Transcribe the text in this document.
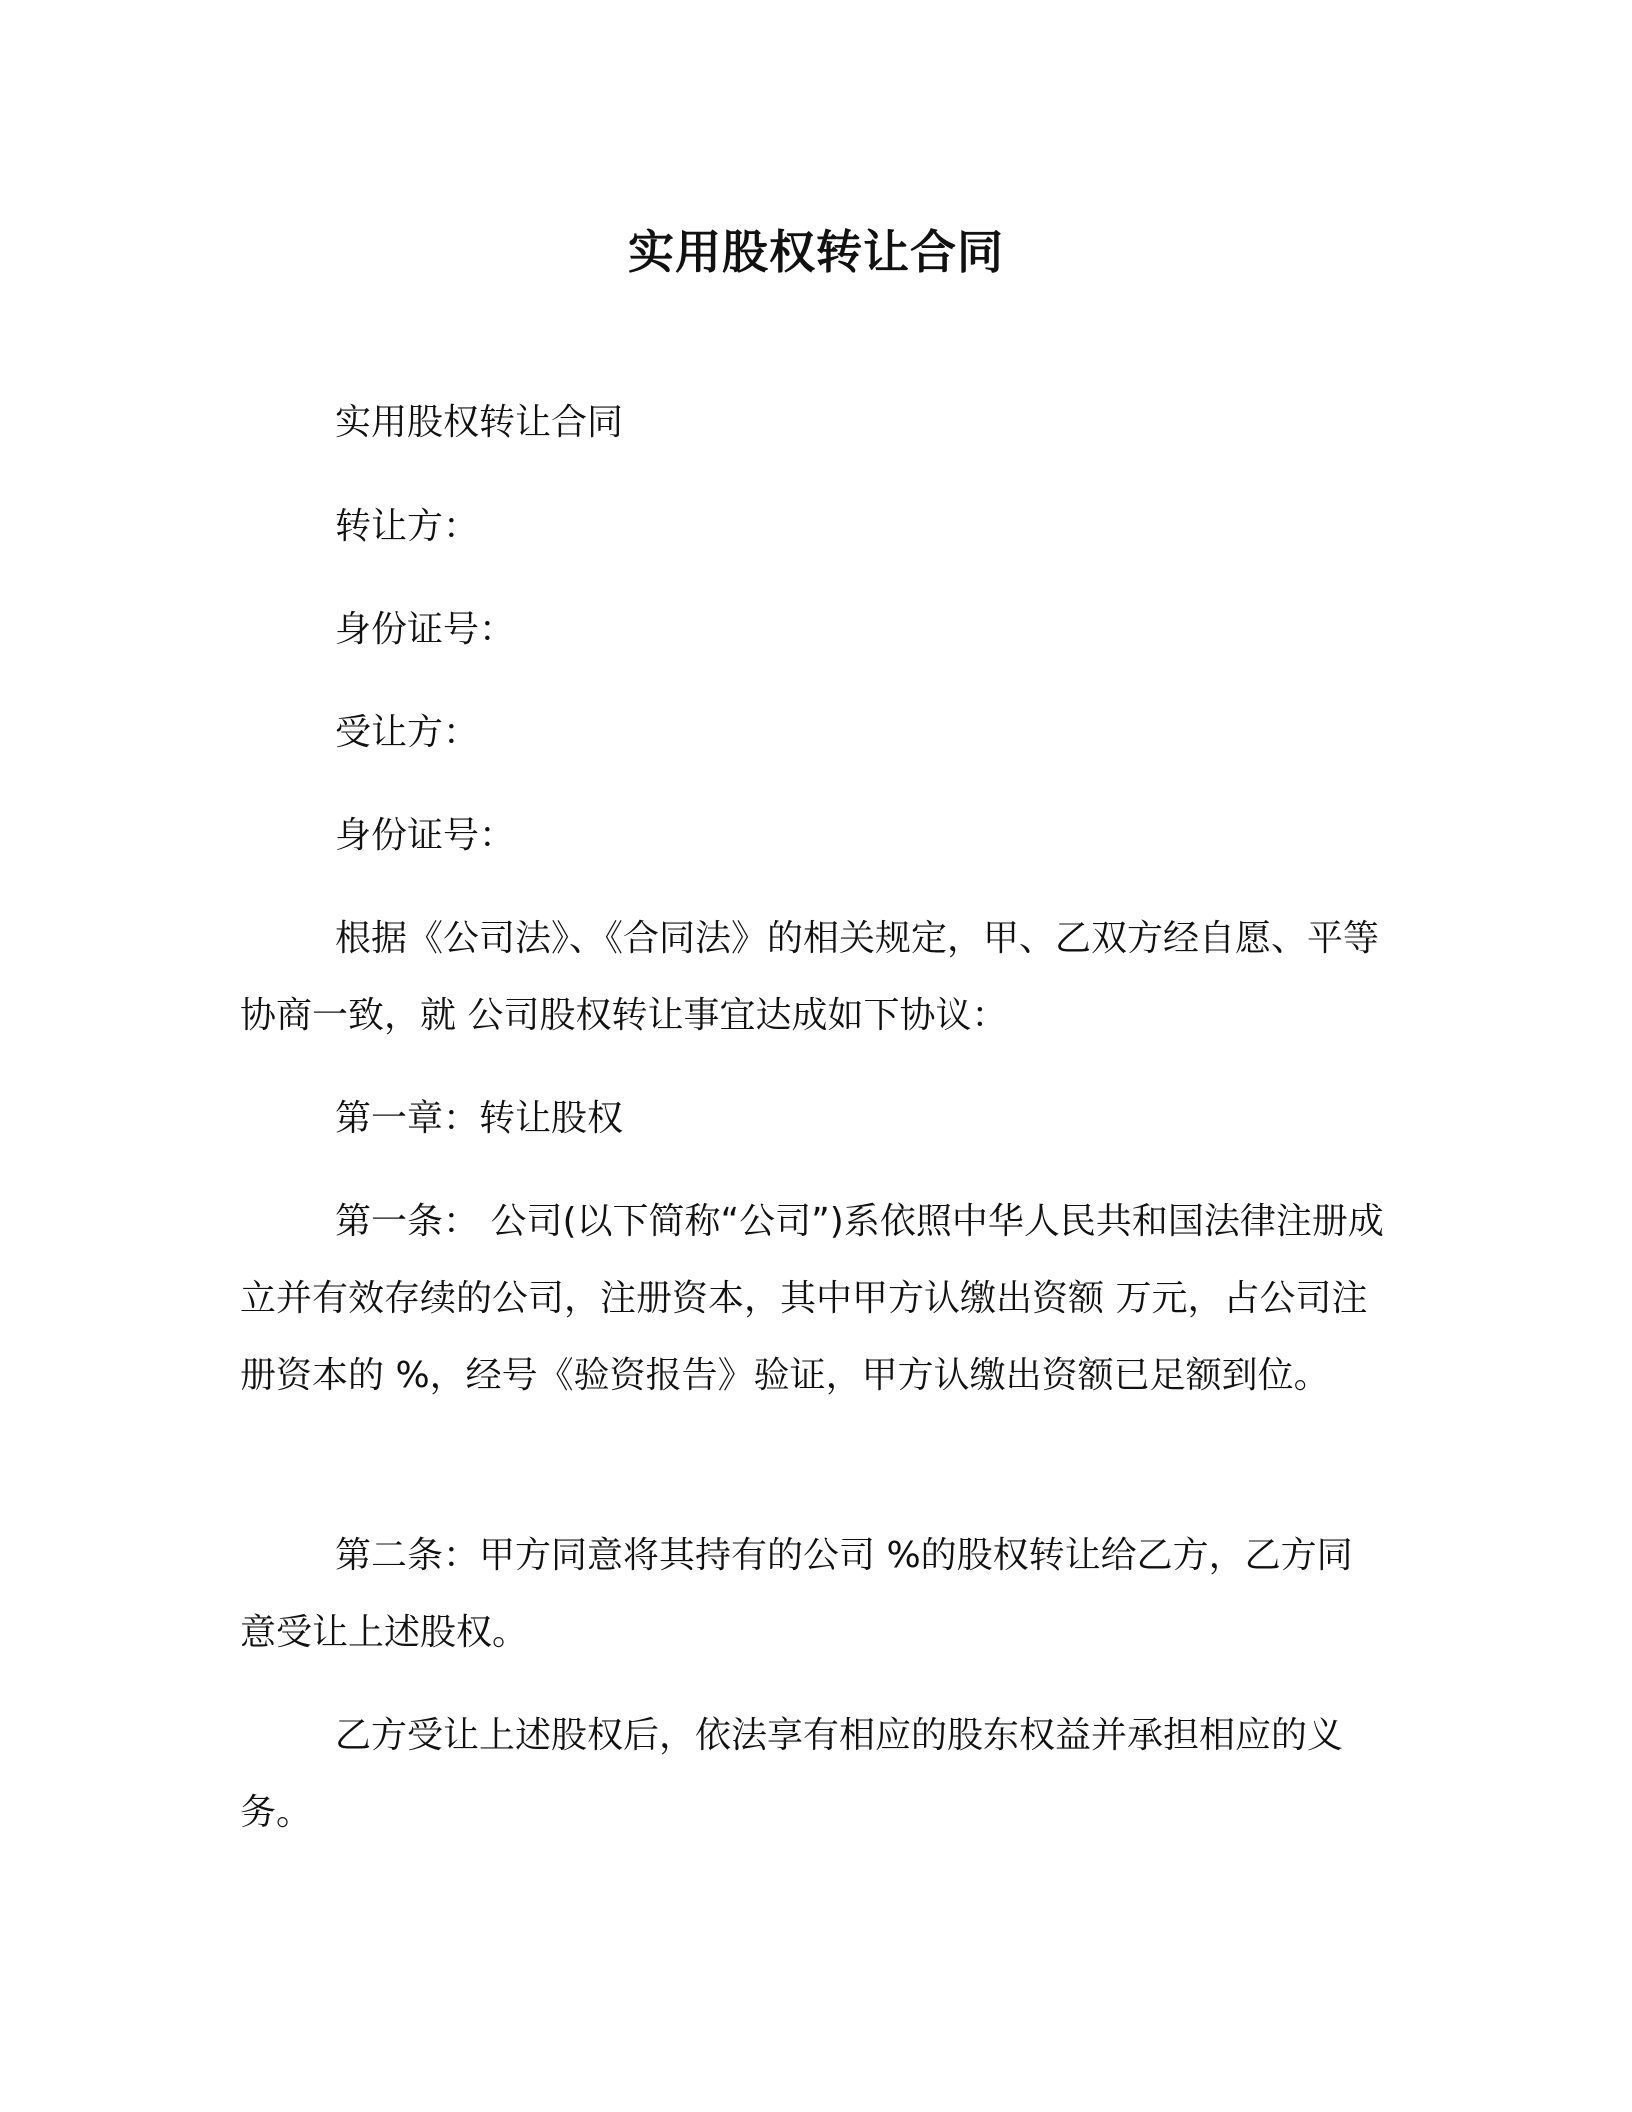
实用股权转让合同

实用股权转让合同

转让方：

身份证号：

受让方：

身份证号：

根据《公司法》、《合同法》的相关规定，甲、乙双方经自愿、平等协商一致，就 公司股权转让事宜达成如下协议：

第一章：转让股权

第一条： 公司(以下简称“公司”)系依照中华人民共和国法律注册成立并有效存续的公司，注册资本，其中甲方认缴出资额 万元，占公司注册资本的 %，经号《验资报告》验证，甲方认缴出资额已足额到位。

第二条：甲方同意将其持有的公司 %的股权转让给乙方，乙方同意受让上述股权。

乙方受让上述股权后，依法享有相应的股东权益并承担相应的义务。
